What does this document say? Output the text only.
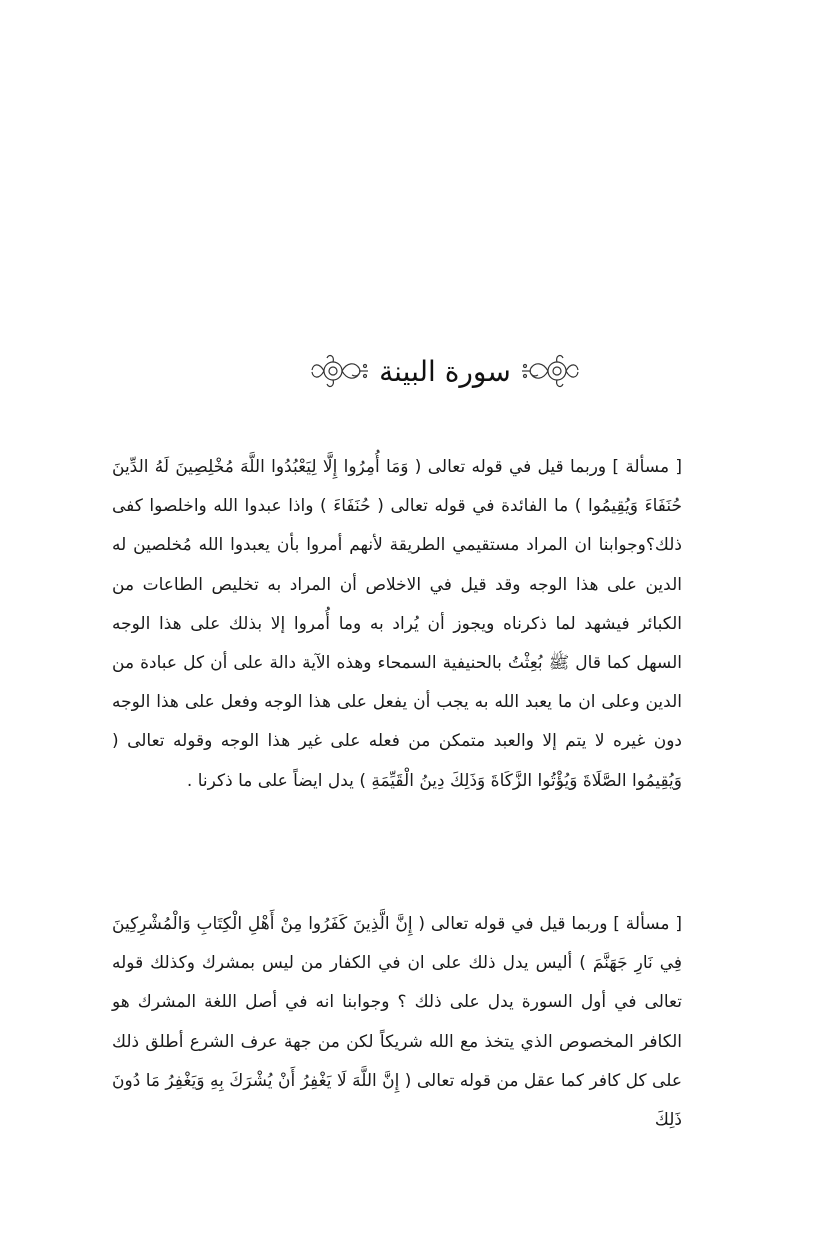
سورة البينة
[ مسألة ] وربما قيل في قوله تعالى ( وَمَا أُمِرُوا إِلَّا لِيَعْبُدُوا اللَّهَ مُخْلِصِينَ لَهُ الدِّينَ حُنَفَاءَ وَيُقِيمُوا ) ما الفائدة في قوله تعالى ( حُنَفَاءَ ) واذا عبدوا الله واخلصوا كفى ذلك؟وجوابنا ان المراد مستقيمي الطريقة لأنهم أمروا بأن يعبدوا الله مُخلصين له الدين على هذا الوجه وقد قيل في الاخلاص أن المراد به تخليص الطاعات من الكبائر فيشهد لما ذكرناه ويجوز أن يُراد به وما أُمروا إلا بذلك على هذا الوجه السهل كما قال ﷺ بُعِثْتُ بالحنيفية السمحاء وهذه الآية دالة على أن كل عبادة من الدين وعلى ان ما يعبد الله به يجب أن يفعل على هذا الوجه وفعل على هذا الوجه دون غيره لا يتم إلا والعبد متمكن من فعله على غير هذا الوجه وقوله تعالى ( وَيُقِيمُوا الصَّلَاةَ وَيُؤْتُوا الزَّكَاةَ وَذَلِكَ دِينُ الْقَيِّمَةِ ) يدل ايضاً على ما ذكرنا .
[ مسألة ] وربما قيل في قوله تعالى ( إِنَّ الَّذِينَ كَفَرُوا مِنْ أَهْلِ الْكِتَابِ وَالْمُشْرِكِينَ فِي نَارِ جَهَنَّمَ ) أليس يدل ذلك على ان في الكفار من ليس بمشرك وكذلك قوله تعالى في أول السورة يدل على ذلك ؟ وجوابنا انه في أصل اللغة المشرك هو الكافر المخصوص الذي يتخذ مع الله شريكاً لكن من جهة عرف الشرع أطلق ذلك على كل كافر كما عقل من قوله تعالى ( إِنَّ اللَّهَ لَا يَغْفِرُ أَنْ يُشْرَكَ بِهِ وَيَغْفِرُ مَا دُونَ ذَلِكَ
